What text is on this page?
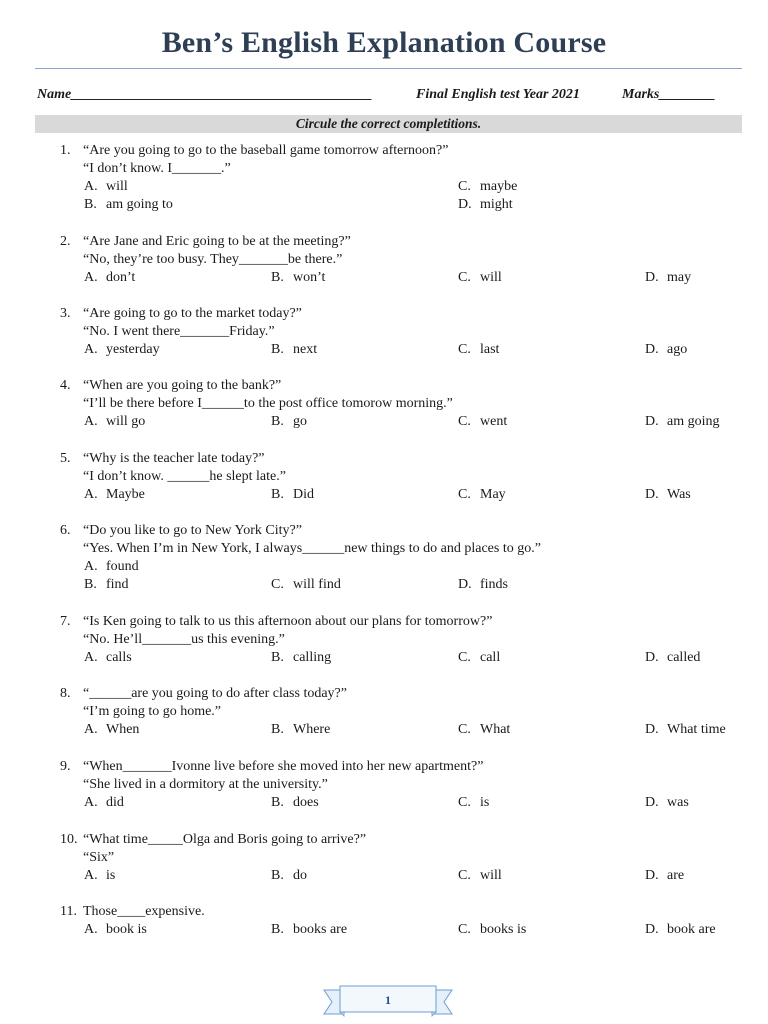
Ben’s English Explanation Course
Name___________________________________________	Final English test Year 2021	Marks________
Circule the correct completitions.
1. “Are you going to go to the baseball game tomorrow afternoon?”
“I don’t know. I_______.”
A. will	C. maybe
B. am going to	D. might
2. “Are Jane and Eric going to be at the meeting?”
“No, they’re too busy. They_______be there.”
A. don’t	B. won’t	C. will	D. may
3. “Are going to go to the market today?”
“No. I went there_______Friday.”
A. yesterday	B. next	C. last	D. ago
4. “When are you going to the bank?”
“I’ll be there before I______to the post office tomorow morning.”
A. will go	B. go	C. went	D. am going
5. “Why is the teacher late today?”
“I don’t know. ______he slept late.”
A. Maybe	B. Did	C. May	D. Was
6. “Do you like to go to New York City?”
“Yes. When I’m in New York, I always______new things to do and places to go.”
A. found
B. find	C. will find	D. finds
7. “Is Ken going to talk to us this afternoon about our plans for tomorrow?”
“No. He’ll_______us this evening.”
A. calls	B. calling	C. call	D. called
8. “______are you going to do after class today?”
“I’m going to go home.”
A. When	B. Where	C. What	D. What time
9. “When_______Ivonne live before she moved into her new apartment?”
“She lived in a dormitory at the university.”
A. did	B. does	C. is	D. was
10. “What time_____Olga and Boris going to arrive?”
“Six”
A. is	B. do	C. will	D. are
11. Those____expensive.
A. book is	B. books are	C. books is	D. book are
1
